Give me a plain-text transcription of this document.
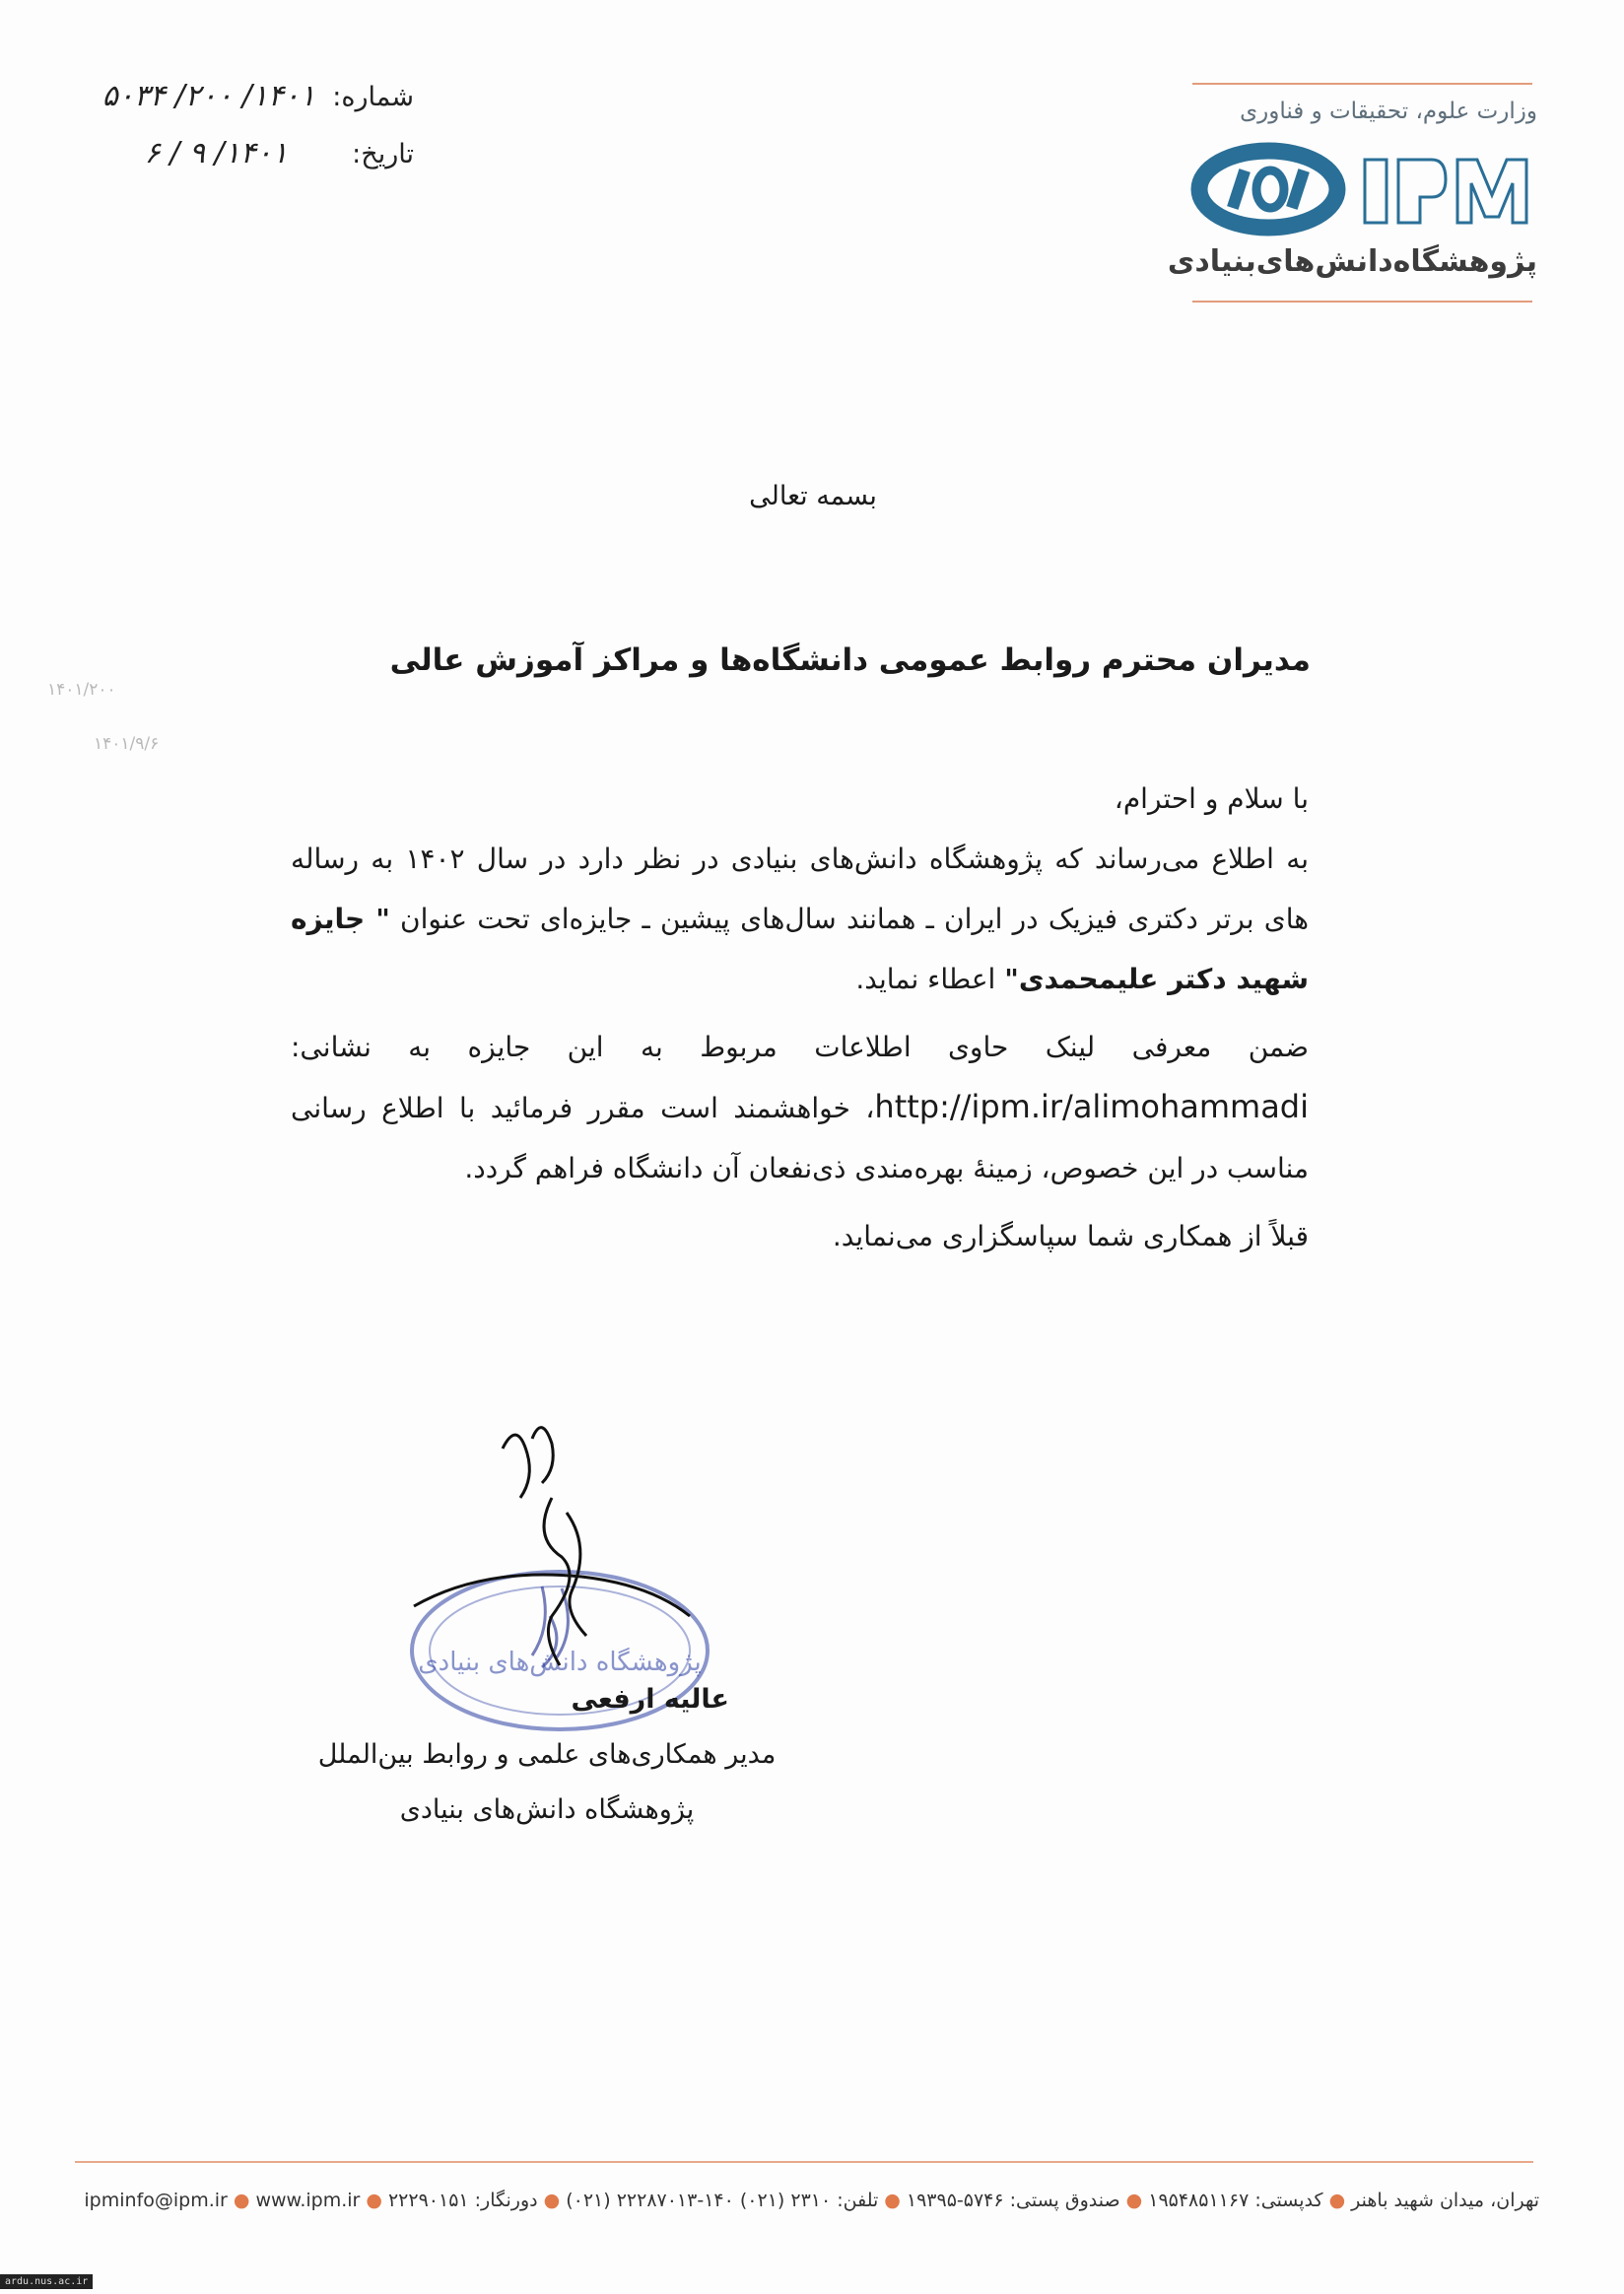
شماره: ۱۴۰۱/ ۲۰۰/ ۵۰۳۴
تاریخ: ۱۴۰۱/ ۹ / ۶
وزارت علوم، تحقیقات و فناوری
پژوهشگاه‌دانش‌های‌بنیادی
۱۴۰۱/۲۰۰
۱۴۰۱/۹/۶
بسمه تعالی
مدیران محترم روابط عمومی دانشگاه‌ها و مراکز آموزش عالی
با سلام و احترام،
به اطلاع می‌رساند که پژوهشگاه دانش‌های بنیادی در نظر دارد در سال ۱۴۰۲ به رساله های برتر دکتری فیزیک در ایران ـ همانند سال‌های پیشین ـ جایزه‌ای تحت عنوان " جایزه شهید دکتر علیمحمدی" اعطاء نماید.
ضمن معرفی لینک حاوی اطلاعات مربوط به این جایزه به نشانی: http://ipm.ir/alimohammadi، خواهشمند است مقرر فرمائید با اطلاع رسانی مناسب در این خصوص، زمینهٔ بهره‌مندی ذی‌نفعان آن دانشگاه فراهم گردد.
قبلاً از همکاری شما سپاسگزاری می‌نماید.
پژوهشگاه دانش‌های بنیادی
عالیه ارفعی
مدیر همکاری‌های علمی و روابط بین‌الملل
پژوهشگاه دانش‌های بنیادی
تهران، میدان شهید باهنر●کدپستی: ۱۹۵۴۸۵۱۱۶۷●صندوق پستی: ۵۷۴۶-۱۹۳۹۵●تلفن: ۲۳۱۰ (۰۲۱) ۱۴۰-۲۲۲۸۷۰۱۳ (۰۲۱)●دورنگار: ۲۲۲۹۰۱۵۱●ipminfo@ipm.ir ● www.ipm.ir
ardu.nus.ac.ir
